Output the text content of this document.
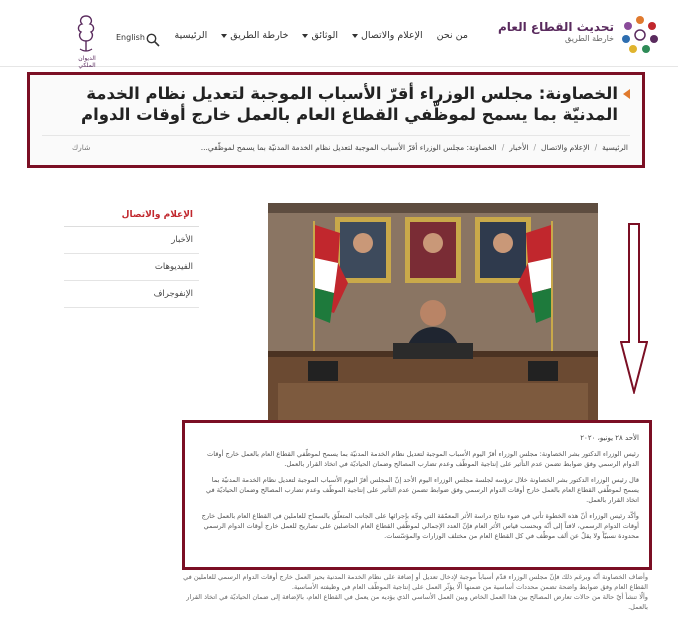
تحديث القطاع العام
خارطة الطريق
الرئيسية خارطة الطريق الوثائق الإعلام والاتصال من نحن
English
الديوان الملكي
الخصاونة: مجلس الوزراء أقرّ الأسباب الموجبة لتعديل نظام الخدمة المدنيّة بما يسمح لموظّفي القطاع العام بالعمل خارج أوقات الدوام
الرئيسية
/
الإعلام والاتصال
/
الأخبار
/
الخصاونة: مجلس الوزراء أقرّ الأسباب الموجبة لتعديل نظام الخدمة المدنيّة بما يسمح لموظّفي...
شارك
الإعلام والاتصال
الأخبار
الفيديوهات
الإنفوجراف
الأحد ٢٨ يونيو، ٢٠٢٠

رئيس الوزراء الدكتور بشر الخصاونة: مجلس الوزراء أقرّ اليوم الأسباب الموجبة لتعديل نظام الخدمة المدنيّة بما يسمح لموظّفي القطاع العام بالعمل خارج أوقات الدوام الرسمي وفق ضوابط تضمن عدم التأثير على إنتاجية الموظّف وعدم تضارب المصالح وضمان الحياديّة في اتخاذ القرار بالعمل.

قال رئيس الوزراء الدكتور بشر الخصاونة خلال ترؤسه لجلسة مجلس الوزراء اليوم الأحد إنّ المجلس أقرّ اليوم الأسباب الموجبة لتعديل نظام الخدمة المدنيّة بما يسمح لموظّفي القطاع العام بالعمل خارج أوقات الدوام الرسمي وفق ضوابط تضمن عدم التأثير على إنتاجية الموظّف وعدم تضارب المصالح وضمان الحياديّة في اتخاذ القرار بالعمل.

وأكّد رئيس الوزراء أنّ هذه الخطوة تأتي في ضوء نتائج دراسة الأثر المعمّقة التي وجّه بإجرائها على الجانب المتعلّق بالسماح للعاملين في القطاع العام بالعمل خارج أوقات الدوام الرسمي، لافتاً إلى أنّه وبحسب قياس الأثر العام فإنّ العدد الإجمالي لموظّفي القطاع العام الحاصلين على تصاريح للعمل خارج أوقات الدوام الرسمي محدودة نسبيّاً ولا يقلّ عن ألف موظّف في كل القطاع العام من مختلف الوزارات والمؤسّسات.

وأضاف الخصاونة أنّه وبرغم ذلك فإنّ مجلس الوزراء قدّم أسباباً موجبة لإدخال تعديل أو إضافة على نظام الخدمة المدنية بحيز العمل خارج أوقات الدوام الرسمي للعاملين في القطاع العام وفق ضوابط واضحة تضمن محددات أساسية من ضمنها ألّا يؤثّر العمل على إنتاجية الموظّف العام في وظيفته الأساسية.

وألّا تنشأ أيّ حالة من حالات تعارض المصالح بين هذا العمل الخاص وبين العمل الأساسي الذي يؤديه من يعمل في القطاع العام، بالإضافة إلى ضمان الحياديّة في اتخاذ القرار بالعمل.
